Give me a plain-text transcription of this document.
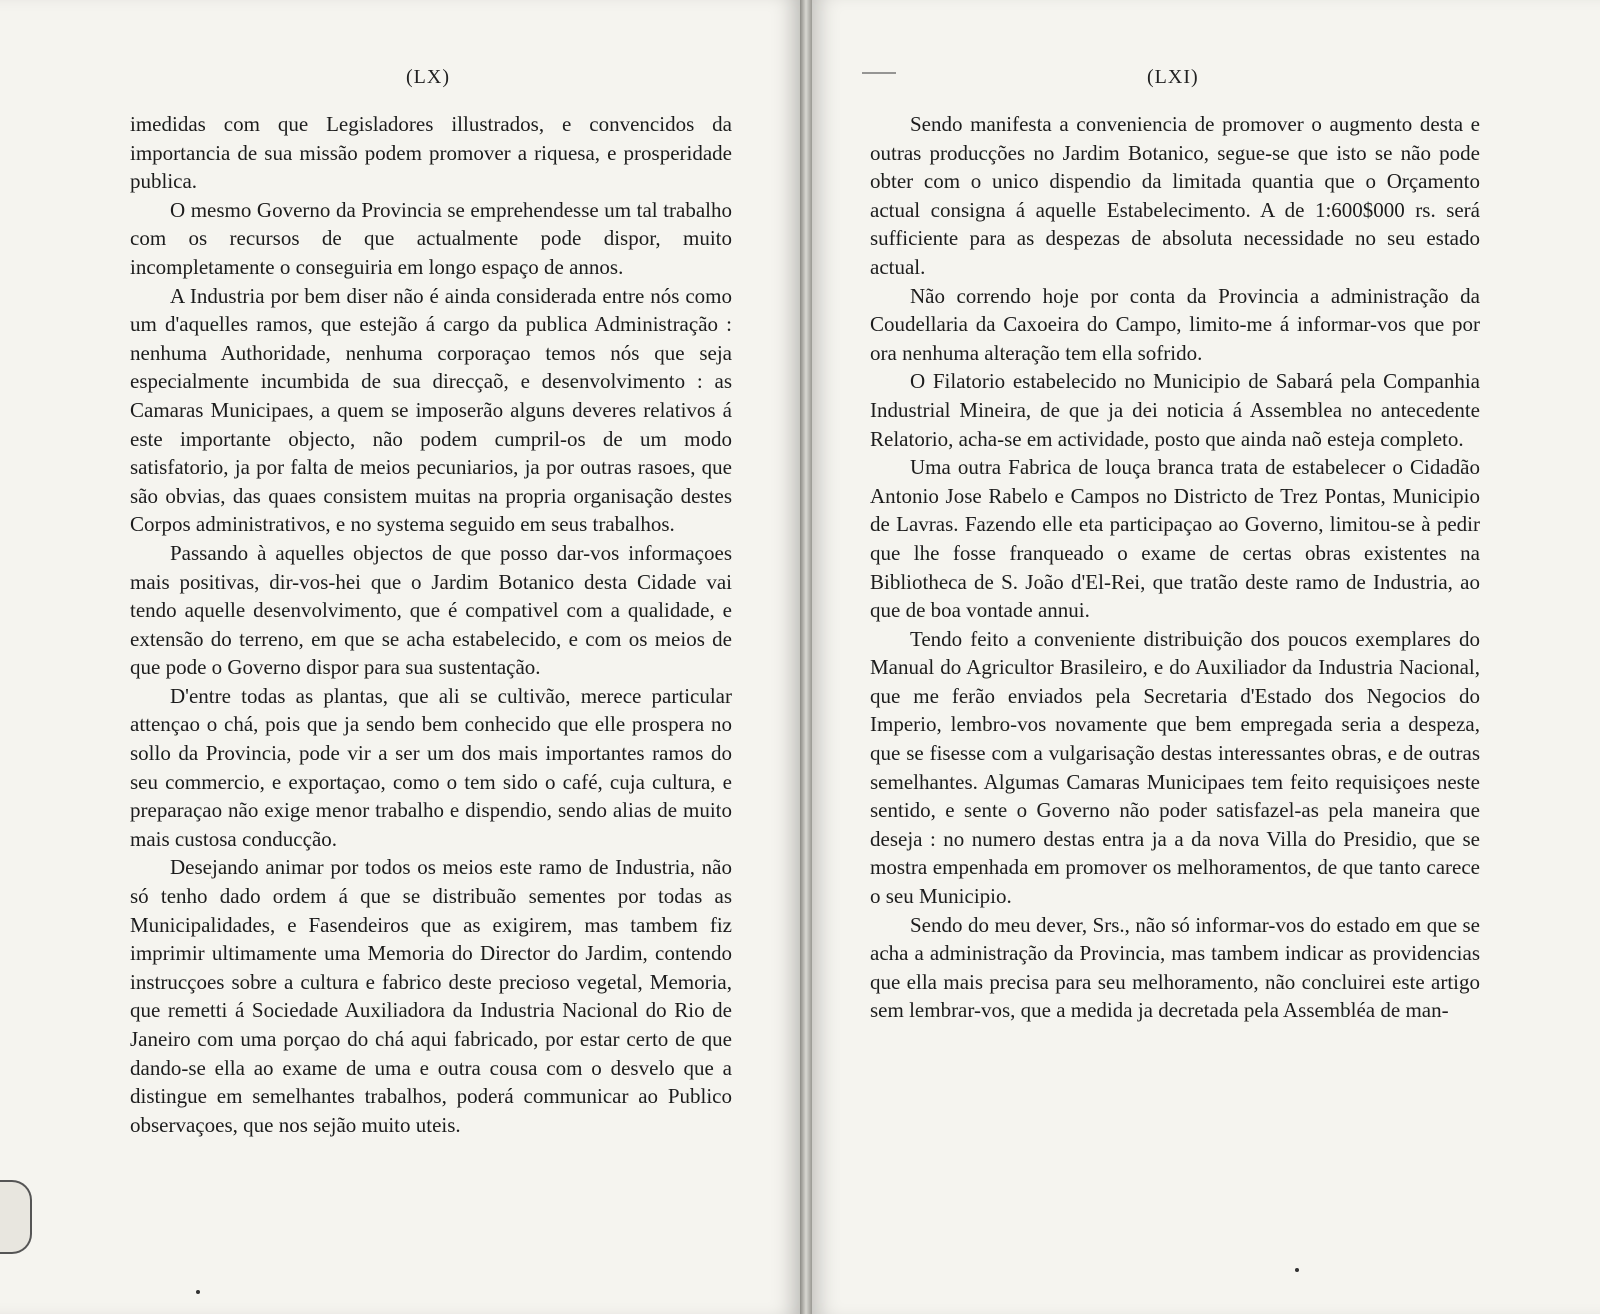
(LX)

imedidas com que Legisladores illustrados, e convencidos da importancia de sua missão podem promover a riquesa, e prosperidade publica.

O mesmo Governo da Provincia se emprehendesse um tal trabalho com os recursos de que actualmente pode dispor, muito incompletamente o conseguiria em longo espaço de annos.

A Industria por bem diser não é ainda considerada entre nós como um d'aquelles ramos, que estejão á cargo da publica Administração : nenhuma Authoridade, nenhuma corporaçao temos nós que seja especialmente incumbida de sua direcçaõ, e desenvolvimento : as Camaras Municipaes, a quem se imposerão alguns deveres relativos á este importante objecto, não podem cumpril-os de um modo satisfatorio, ja por falta de meios pecuniarios, ja por outras rasoes, que são obvias, das quaes consistem muitas na propria organisação destes Corpos administrativos, e no systema seguido em seus trabalhos.

Passando à aquelles objectos de que posso dar-vos informaçoes mais positivas, dir-vos-hei que o Jardim Botanico desta Cidade vai tendo aquelle desenvolvimento, que é compativel com a qualidade, e extensão do terreno, em que se acha estabelecido, e com os meios de que pode o Governo dispor para sua sustentação.

D'entre todas as plantas, que ali se cultivão, merece particular attençao o chá, pois que ja sendo bem conhecido que elle prospera no sollo da Provincia, pode vir a ser um dos mais importantes ramos do seu commercio, e exportaçao, como o tem sido o café, cuja cultura, e preparaçao não exige menor trabalho e dispendio, sendo alias de muito mais custosa conducção.

Desejando animar por todos os meios este ramo de Industria, não só tenho dado ordem á que se distribuão sementes por todas as Municipalidades, e Fasendeiros que as exigirem, mas tambem fiz imprimir ultimamente uma Memoria do Director do Jardim, contendo instrucçoes sobre a cultura e fabrico deste precioso vegetal, Memoria, que remetti á Sociedade Auxiliadora da Industria Nacional do Rio de Janeiro com uma porçao do chá aqui fabricado, por estar certo de que dando-se ella ao exame de uma e outra cousa com o desvelo que a distingue em semelhantes trabalhos, poderá communicar ao Publico observaçoes, que nos sejão muito uteis.

(LXI)

Sendo manifesta a conveniencia de promover o augmento desta e outras producções no Jardim Botanico, segue-se que isto se não pode obter com o unico dispendio da limitada quantia que o Orçamento actual consigna á aquelle Estabelecimento. A de 1:600$000 rs. será sufficiente para as despezas de absoluta necessidade no seu estado actual.

Não correndo hoje por conta da Provincia a administração da Coudellaria da Caxoeira do Campo, limito-me á informar-vos que por ora nenhuma alteração tem ella sofrido.

O Filatorio estabelecido no Municipio de Sabará pela Companhia Industrial Mineira, de que ja dei noticia á Assemblea no antecedente Relatorio, acha-se em actividade, posto que ainda naõ esteja completo.

Uma outra Fabrica de louça branca trata de estabelecer o Cidadão Antonio Jose Rabelo e Campos no Districto de Trez Pontas, Municipio de Lavras. Fazendo elle eta participaçao ao Governo, limitou-se à pedir que lhe fosse franqueado o exame de certas obras existentes na Bibliotheca de S. João d'El-Rei, que tratão deste ramo de Industria, ao que de boa vontade annui.

Tendo feito a conveniente distribuição dos poucos exemplares do Manual do Agricultor Brasileiro, e do Auxiliador da Industria Nacional, que me ferão enviados pela Secretaria d'Estado dos Negocios do Imperio, lembro-vos novamente que bem empregada seria a despeza, que se fisesse com a vulgarisação destas interessantes obras, e de outras semelhantes. Algumas Camaras Municipaes tem feito requisiçoes neste sentido, e sente o Governo não poder satisfazel-as pela maneira que deseja : no numero destas entra ja a da nova Villa do Presidio, que se mostra empenhada em promover os melhoramentos, de que tanto carece o seu Municipio.

Sendo do meu dever, Srs., não só informar-vos do estado em que se acha a administração da Provincia, mas tambem indicar as providencias que ella mais precisa para seu melhoramento, não concluirei este artigo sem lembrar-vos, que a medida ja decretada pela Assembléa de man-
